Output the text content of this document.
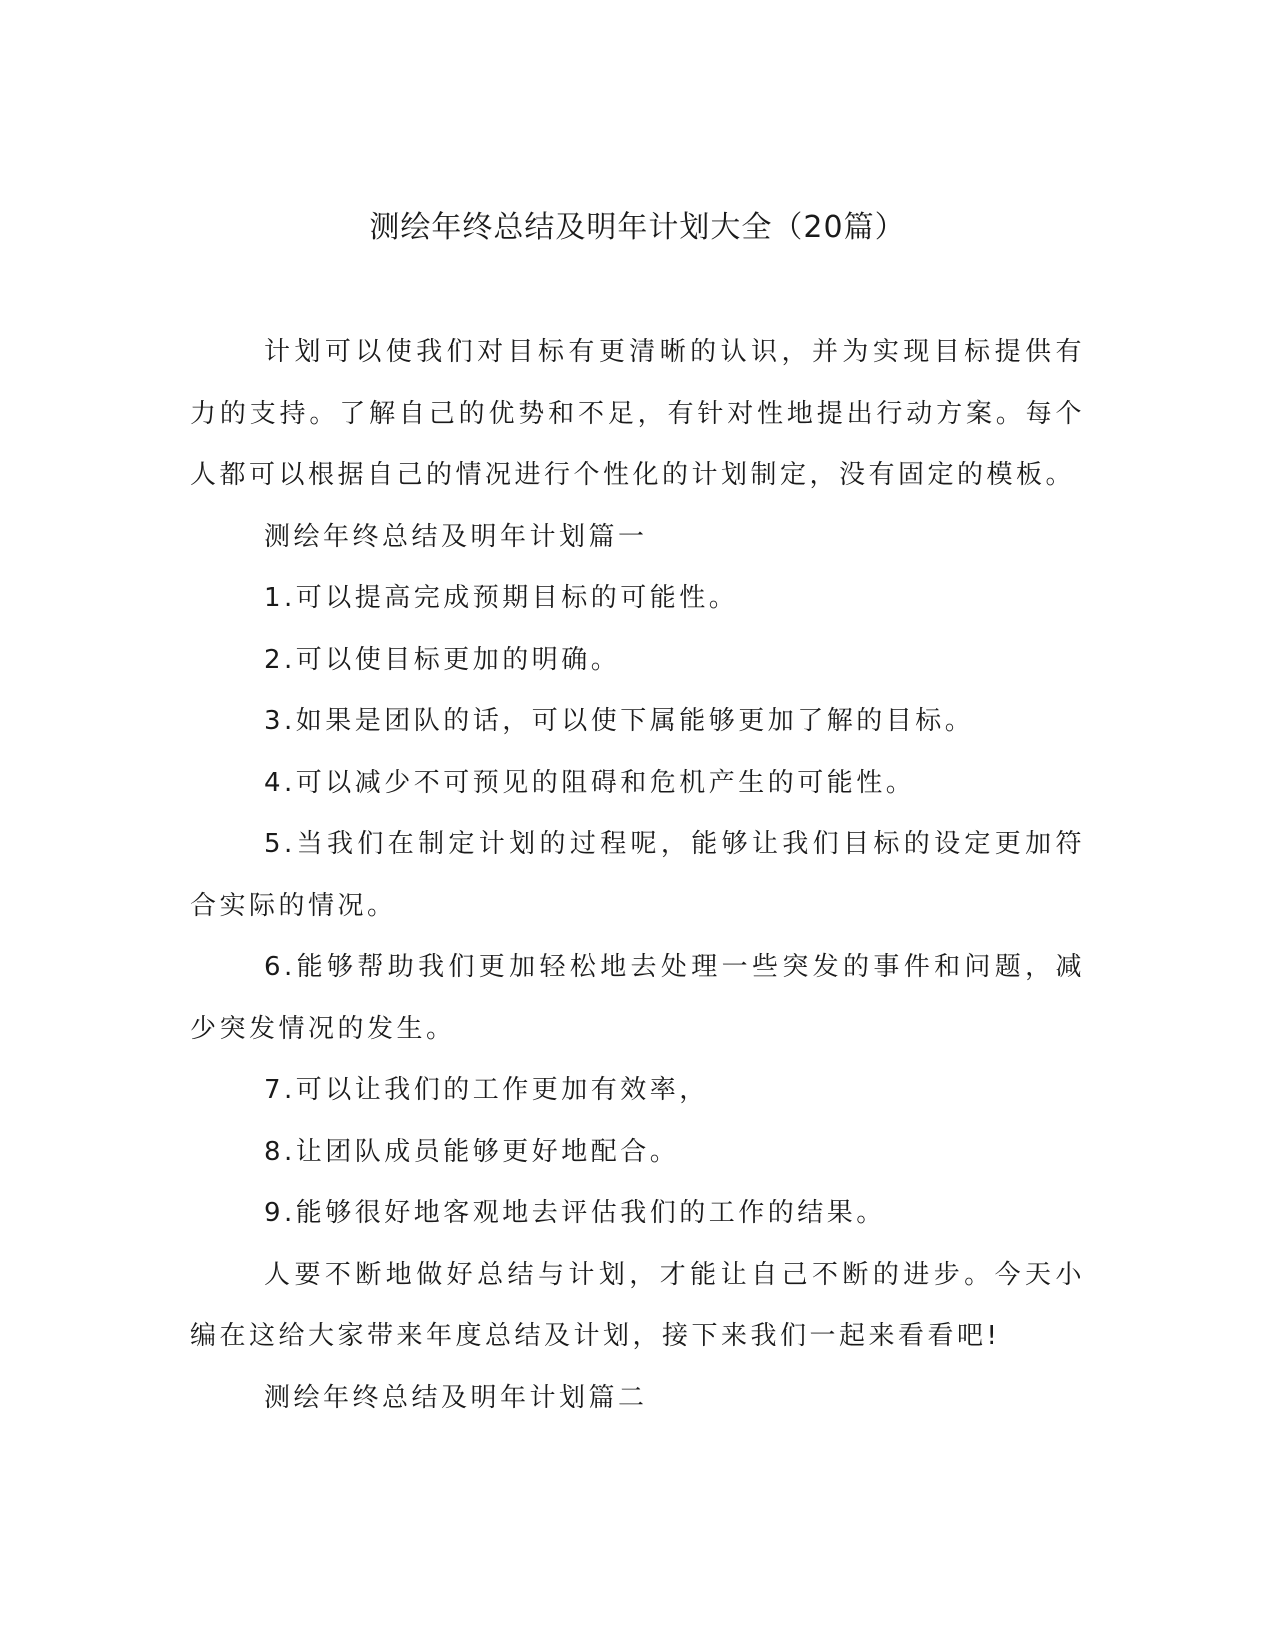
测绘年终总结及明年计划大全（20篇）

计划可以使我们对目标有更清晰的认识，并为实现目标提供有力的支持。了解自己的优势和不足，有针对性地提出行动方案。每个人都可以根据自己的情况进行个性化的计划制定，没有固定的模板。

测绘年终总结及明年计划篇一

1.可以提高完成预期目标的可能性。

2.可以使目标更加的明确。

3.如果是团队的话，可以使下属能够更加了解的目标。

4.可以减少不可预见的阻碍和危机产生的可能性。

5.当我们在制定计划的过程呢，能够让我们目标的设定更加符合实际的情况。

6.能够帮助我们更加轻松地去处理一些突发的事件和问题，减少突发情况的发生。

7.可以让我们的工作更加有效率，

8.让团队成员能够更好地配合。

9.能够很好地客观地去评估我们的工作的结果。

人要不断地做好总结与计划，才能让自己不断的进步。今天小编在这给大家带来年度总结及计划，接下来我们一起来看看吧!

测绘年终总结及明年计划篇二
